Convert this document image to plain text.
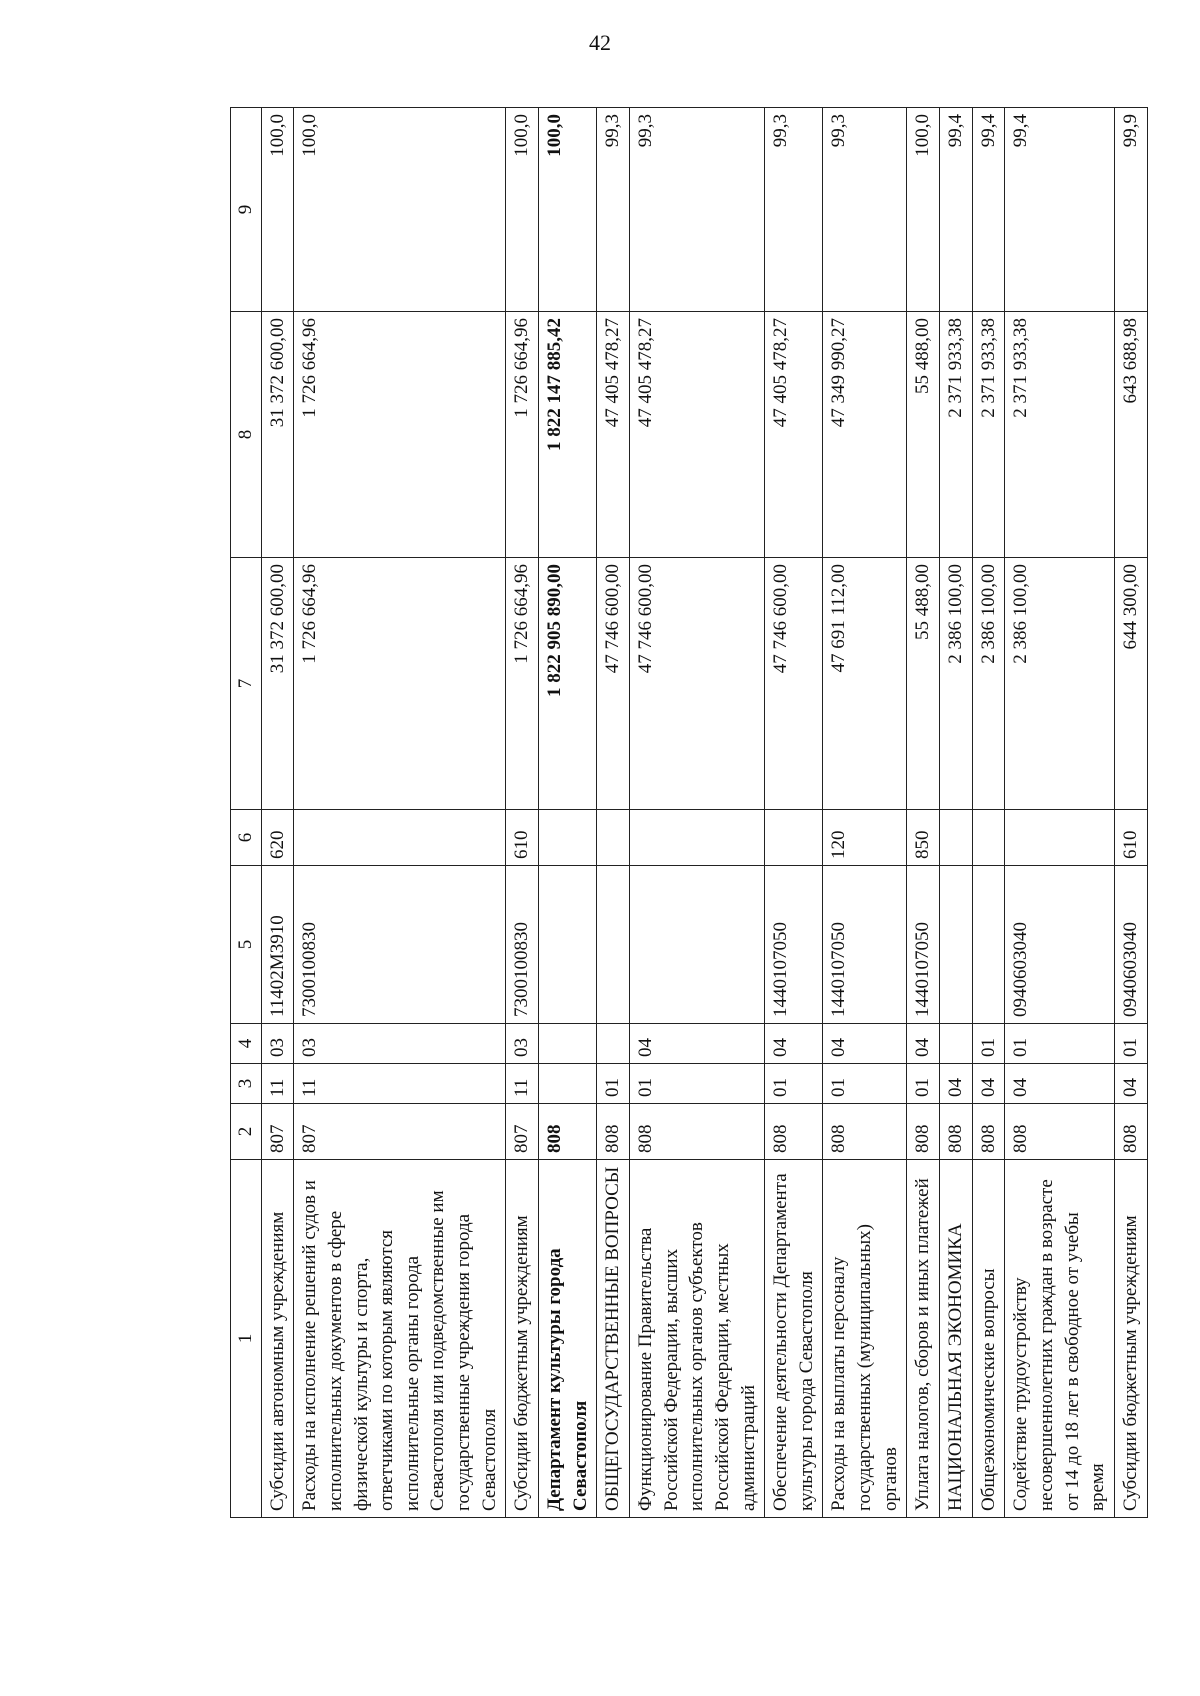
42
1	2	3	4	5	6	7	8	9
Субсидии автономным учреждениям	807	11	03	11402М3910	620	31 372 600,00	31 372 600,00	100,0
Расходы на исполнение решений судов и исполнительных документов в сфере физической культуры и спорта, ответчиками по которым являются исполнительные органы города Севастополя или подведомственные им государственные учреждения города Севастополя	807	11	03	7300100830		1 726 664,96	1 726 664,96	100,0
Субсидии бюджетным учреждениям	807	11	03	7300100830	610	1 726 664,96	1 726 664,96	100,0
Департамент культуры города Севастополя	808					1 822 905 890,00	1 822 147 885,42	100,0
ОБЩЕГОСУДАРСТВЕННЫЕ ВОПРОСЫ	808	01				47 746 600,00	47 405 478,27	99,3
Функционирование Правительства Российской Федерации, высших исполнительных органов субъектов Российской Федерации, местных администраций	808	01	04			47 746 600,00	47 405 478,27	99,3
Обеспечение деятельности Департамента культуры города Севастополя	808	01	04	1440107050		47 746 600,00	47 405 478,27	99,3
Расходы на выплаты персоналу государственных (муниципальных) органов	808	01	04	1440107050	120	47 691 112,00	47 349 990,27	99,3
Уплата налогов, сборов и иных платежей	808	01	04	1440107050	850	55 488,00	55 488,00	100,0
НАЦИОНАЛЬНАЯ ЭКОНОМИКА	808	04				2 386 100,00	2 371 933,38	99,4
Общеэкономические вопросы	808	04	01			2 386 100,00	2 371 933,38	99,4
Содействие трудоустройству несовершеннолетних граждан в возрасте от 14 до 18 лет в свободное от учебы время	808	04	01	0940603040		2 386 100,00	2 371 933,38	99,4
Субсидии бюджетным учреждениям	808	04	01	0940603040	610	644 300,00	643 688,98	99,9
